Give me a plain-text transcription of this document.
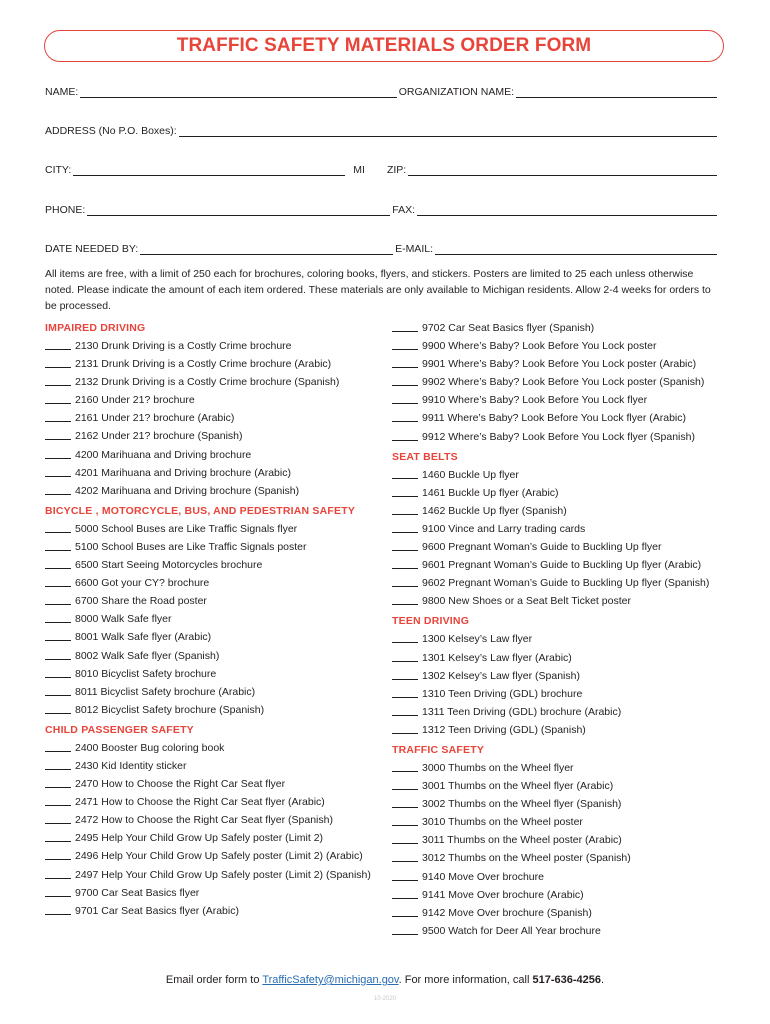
TRAFFIC SAFETY MATERIALS ORDER FORM
NAME:	ORGANIZATION NAME:
ADDRESS (No P.O. Boxes):
CITY:	MI ZIP:
PHONE:	FAX:
DATE NEEDED BY:	E-MAIL:
All items are free, with a limit of 250 each for brochures, coloring books, flyers, and stickers. Posters are limited to 25 each unless otherwise noted. Please indicate the amount of each item ordered. These materials are only available to Michigan residents. Allow 2-4 weeks for orders to be processed.
IMPAIRED DRIVING
2130 Drunk Driving is a Costly Crime brochure
2131 Drunk Driving is a Costly Crime brochure (Arabic)
2132 Drunk Driving is a Costly Crime brochure (Spanish)
2160 Under 21? brochure
2161 Under 21? brochure (Arabic)
2162 Under 21? brochure (Spanish)
4200 Marihuana and Driving brochure
4201 Marihuana and Driving brochure (Arabic)
4202 Marihuana and Driving brochure (Spanish)
BICYCLE , MOTORCYCLE, BUS, AND PEDESTRIAN SAFETY
5000 School Buses are Like Traffic Signals flyer
5100 School Buses are Like Traffic Signals poster
6500 Start Seeing Motorcycles brochure
6600 Got your CY? brochure
6700 Share the Road poster
8000 Walk Safe flyer
8001 Walk Safe flyer (Arabic)
8002 Walk Safe flyer (Spanish)
8010 Bicyclist Safety brochure
8011 Bicyclist Safety brochure (Arabic)
8012 Bicyclist Safety brochure (Spanish)
CHILD PASSENGER SAFETY
2400 Booster Bug coloring book
2430 Kid Identity sticker
2470 How to Choose the Right Car Seat flyer
2471 How to Choose the Right Car Seat flyer (Arabic)
2472 How to Choose the Right Car Seat flyer (Spanish)
2495 Help Your Child Grow Up Safely poster (Limit 2)
2496 Help Your Child Grow Up Safely poster (Limit 2) (Arabic)
2497 Help Your Child Grow Up Safely poster (Limit 2) (Spanish)
9700 Car Seat Basics flyer
9701 Car Seat Basics flyer (Arabic)
9702 Car Seat Basics flyer (Spanish)
9900 Where’s Baby? Look Before You Lock poster
9901 Where’s Baby? Look Before You Lock poster (Arabic)
9902 Where’s Baby? Look Before You Lock poster (Spanish)
9910 Where’s Baby? Look Before You Lock flyer
9911 Where’s Baby? Look Before You Lock flyer (Arabic)
9912 Where’s Baby? Look Before You Lock flyer (Spanish)
SEAT BELTS
1460 Buckle Up flyer
1461 Buckle Up flyer (Arabic)
1462 Buckle Up flyer (Spanish)
9100 Vince and Larry trading cards
9600 Pregnant Woman’s Guide to Buckling Up flyer
9601 Pregnant Woman’s Guide to Buckling Up flyer (Arabic)
9602 Pregnant Woman’s Guide to Buckling Up flyer (Spanish)
9800 New Shoes or a Seat Belt Ticket poster
TEEN DRIVING
1300 Kelsey’s Law flyer
1301 Kelsey’s Law flyer (Arabic)
1302 Kelsey’s Law flyer (Spanish)
1310 Teen Driving (GDL) brochure
1311 Teen Driving (GDL) brochure (Arabic)
1312 Teen Driving (GDL) (Spanish)
TRAFFIC SAFETY
3000 Thumbs on the Wheel flyer
3001 Thumbs on the Wheel flyer (Arabic)
3002 Thumbs on the Wheel flyer (Spanish)
3010 Thumbs on the Wheel poster
3011 Thumbs on the Wheel poster (Arabic)
3012 Thumbs on the Wheel poster (Spanish)
9140 Move Over brochure
9141 Move Over brochure (Arabic)
9142 Move Over brochure (Spanish)
9500 Watch for Deer All Year brochure
Email order form to TrafficSafety@michigan.gov. For more information, call 517-636-4256.
10-2020
